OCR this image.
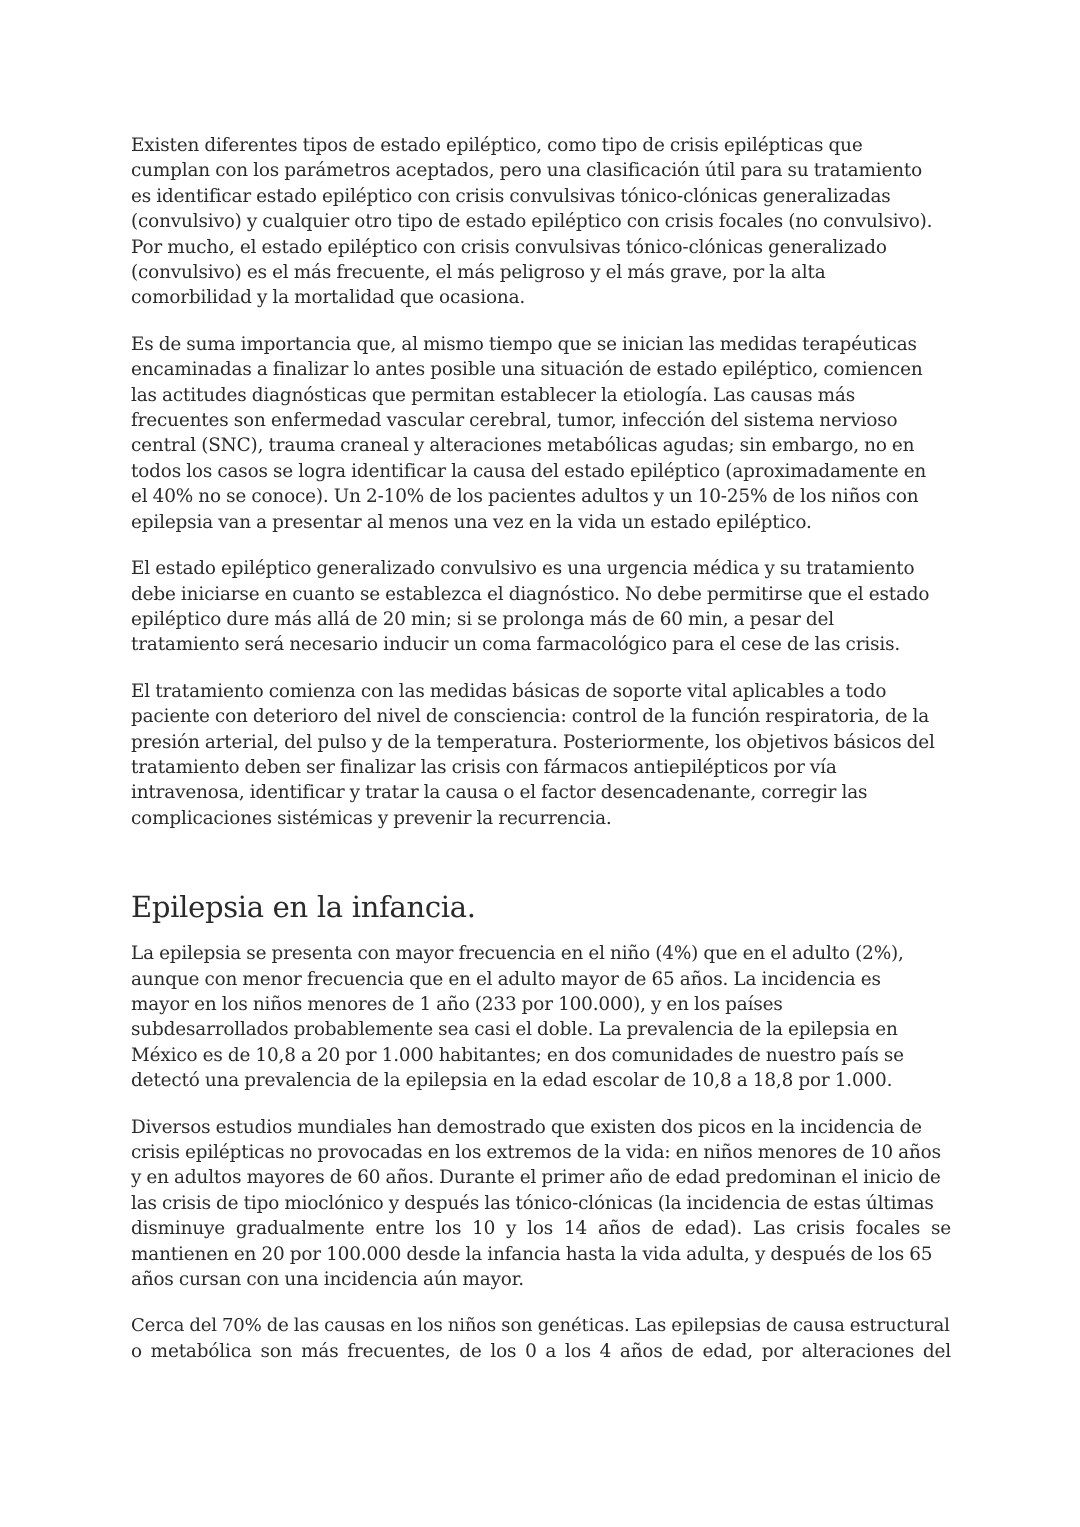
Existen diferentes tipos de estado epiléptico, como tipo de crisis epilépticas que
cumplan con los parámetros aceptados, pero una clasificación útil para su tratamiento
es identificar estado epiléptico con crisis convulsivas tónico-clónicas generalizadas
(convulsivo) y cualquier otro tipo de estado epiléptico con crisis focales (no convulsivo).
Por mucho, el estado epiléptico con crisis convulsivas tónico-clónicas generalizado
(convulsivo) es el más frecuente, el más peligroso y el más grave, por la alta
comorbilidad y la mortalidad que ocasiona.

Es de suma importancia que, al mismo tiempo que se inician las medidas terapéuticas
encaminadas a finalizar lo antes posible una situación de estado epiléptico, comiencen
las actitudes diagnósticas que permitan establecer la etiología. Las causas más
frecuentes son enfermedad vascular cerebral, tumor, infección del sistema nervioso
central (SNC), trauma craneal y alteraciones metabólicas agudas; sin embargo, no en
todos los casos se logra identificar la causa del estado epiléptico (aproximadamente en
el 40% no se conoce). Un 2-10% de los pacientes adultos y un 10-25% de los niños con
epilepsia van a presentar al menos una vez en la vida un estado epiléptico.

El estado epiléptico generalizado convulsivo es una urgencia médica y su tratamiento
debe iniciarse en cuanto se establezca el diagnóstico. No debe permitirse que el estado
epiléptico dure más allá de 20 min; si se prolonga más de 60 min, a pesar del
tratamiento será necesario inducir un coma farmacológico para el cese de las crisis.

El tratamiento comienza con las medidas básicas de soporte vital aplicables a todo
paciente con deterioro del nivel de consciencia: control de la función respiratoria, de la
presión arterial, del pulso y de la temperatura. Posteriormente, los objetivos básicos del
tratamiento deben ser finalizar las crisis con fármacos antiepilépticos por vía
intravenosa, identificar y tratar la causa o el factor desencadenante, corregir las
complicaciones sistémicas y prevenir la recurrencia.

Epilepsia en la infancia.

La epilepsia se presenta con mayor frecuencia en el niño (4%) que en el adulto (2%),
aunque con menor frecuencia que en el adulto mayor de 65 años. La incidencia es
mayor en los niños menores de 1 año (233 por 100.000), y en los países
subdesarrollados probablemente sea casi el doble. La prevalencia de la epilepsia en
México es de 10,8 a 20 por 1.000 habitantes; en dos comunidades de nuestro país se
detectó una prevalencia de la epilepsia en la edad escolar de 10,8 a 18,8 por 1.000.

Diversos estudios mundiales han demostrado que existen dos picos en la incidencia de
crisis epilépticas no provocadas en los extremos de la vida: en niños menores de 10 años
y en adultos mayores de 60 años. Durante el primer año de edad predominan el inicio de
las crisis de tipo mioclónico y después las tónico-clónicas (la incidencia de estas últimas
disminuye gradualmente entre los 10 y los 14 años de edad). Las crisis focales se
mantienen en 20 por 100.000 desde la infancia hasta la vida adulta, y después de los 65
años cursan con una incidencia aún mayor.

Cerca del 70% de las causas en los niños son genéticas. Las epilepsias de causa estructural
o metabólica son más frecuentes, de los 0 a los 4 años de edad, por alteraciones del
